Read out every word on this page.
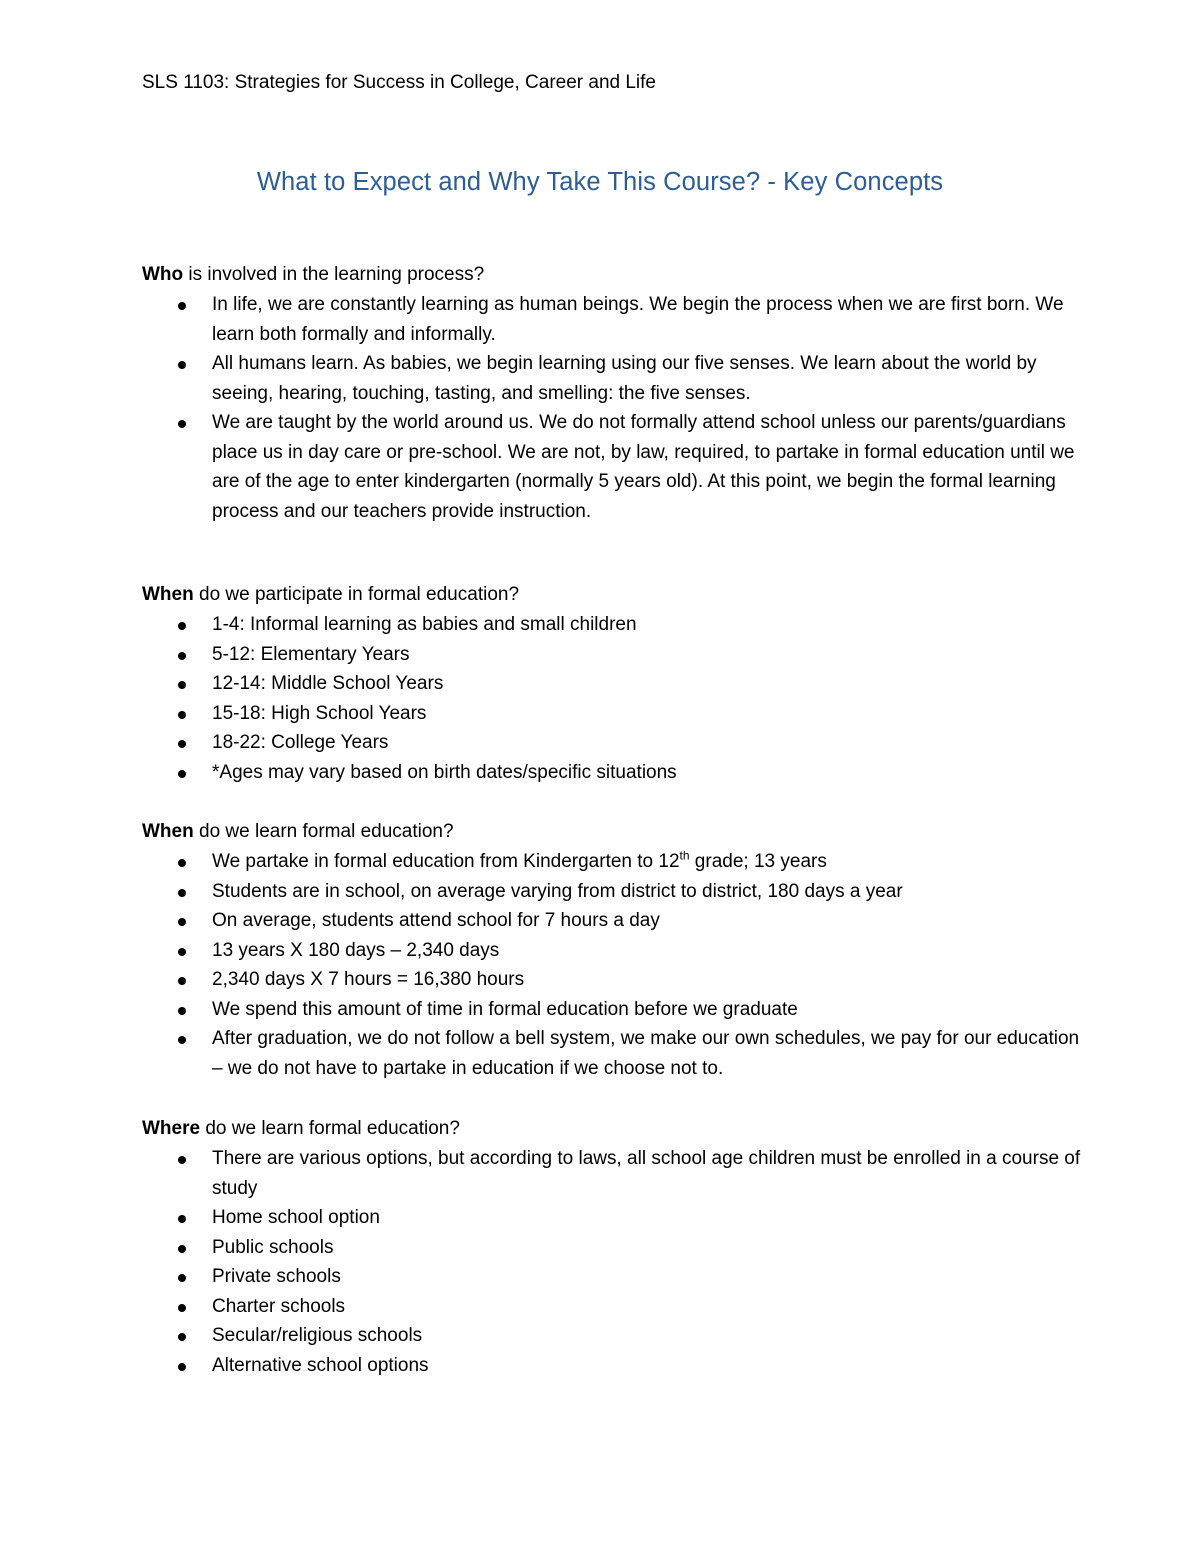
SLS 1103: Strategies for Success in College, Career and Life
What to Expect and Why Take This Course? - Key Concepts

Who is involved in the learning process?

In life, we are constantly learning as human beings. We begin the process when we are first born. We learn both formally and informally.
All humans learn. As babies, we begin learning using our five senses. We learn about the world by seeing, hearing, touching, tasting, and smelling: the five senses.
We are taught by the world around us. We do not formally attend school unless our parents/guardians place us in day care or pre-school. We are not, by law, required, to partake in formal education until we are of the age to enter kindergarten (normally 5 years old). At this point, we begin the formal learning process and our teachers provide instruction.

When do we participate in formal education?

1-4: Informal learning as babies and small children
5-12: Elementary Years
12-14: Middle School Years
15-18: High School Years
18-22: College Years
*Ages may vary based on birth dates/specific situations

When do we learn formal education?

We partake in formal education from Kindergarten to 12th grade; 13 years
Students are in school, on average varying from district to district, 180 days a year
On average, students attend school for 7 hours a day
13 years X 180 days – 2,340 days
2,340 days X 7 hours = 16,380 hours
We spend this amount of time in formal education before we graduate
After graduation, we do not follow a bell system, we make our own schedules, we pay for our education – we do not have to partake in education if we choose not to.

Where do we learn formal education?

There are various options, but according to laws, all school age children must be enrolled in a course of study
Home school option
Public schools
Private schools
Charter schools
Secular/religious schools
Alternative school options
